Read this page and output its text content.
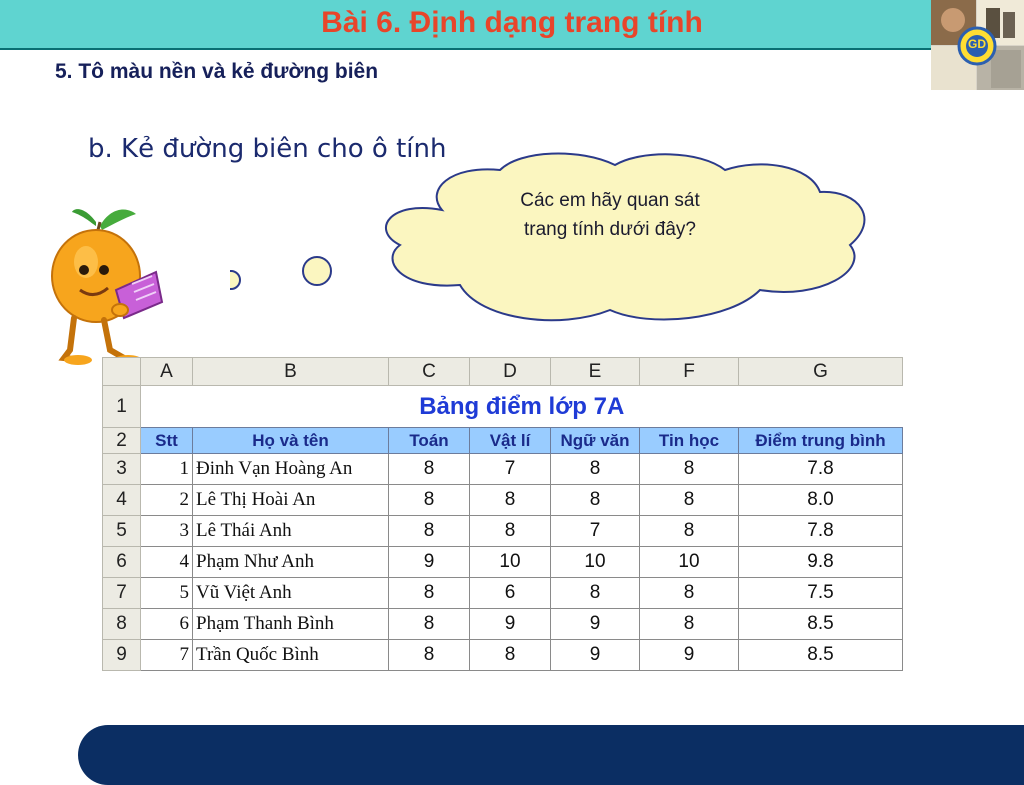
Bài 6. Định dạng trang tính
GD
5. Tô màu nền và kẻ đường biên
b. Kẻ đường biên cho ô tính
Các em hãy quan sát
trang tính dưới đây?
	A	B	C	D	E	F	G
1	Bảng điểm lớp 7A						
2	Stt	Họ và tên	Toán	Vật lí	Ngữ văn	Tin học	Điểm trung bình
3	1	Đinh Vạn Hoàng An	8	7	8	8	7.8
4	2	Lê Thị Hoài An	8	8	8	8	8.0
5	3	Lê Thái Anh	8	8	7	8	7.8
6	4	Phạm Như Anh	9	10	10	10	9.8
7	5	Vũ Việt Anh	8	6	8	8	7.5
8	6	Phạm Thanh Bình	8	9	9	8	8.5
9	7	Trần Quốc Bình	8	8	9	9	8.5
